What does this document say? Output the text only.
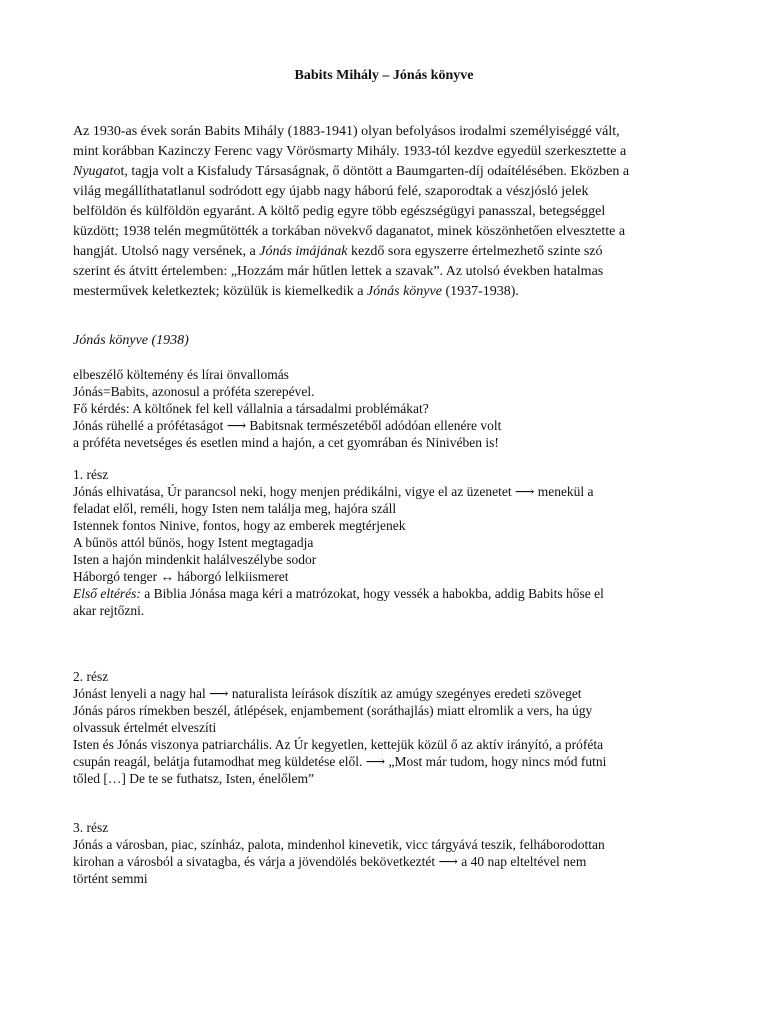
Babits Mihály – Jónás könyve
Az 1930-as évek során Babits Mihály (1883-1941) olyan befolyásos irodalmi személyiséggé vált,
mint korábban Kazinczy Ferenc vagy Vörösmarty Mihály. 1933-tól kezdve egyedül szerkesztette a
Nyugatot, tagja volt a Kisfaludy Társaságnak, ő döntött a Baumgarten-díj odaítélésében. Eközben a
világ megállíthatatlanul sodródott egy újabb nagy háború felé, szaporodtak a vészjósló jelek
belföldön és külföldön egyaránt. A költő pedig egyre több egészségügyi panasszal, betegséggel
küzdött; 1938 telén megműtötték a torkában növekvő daganatot, minek köszönhetően elvesztette a
hangját. Utolsó nagy versének, a Jónás imájának kezdő sora egyszerre értelmezhető szinte szó
szerint és átvitt értelemben: „Hozzám már hűtlen lettek a szavak”. Az utolsó években hatalmas
mesterművek keletkeztek; közülük is kiemelkedik a Jónás könyve (1937-1938).
Jónás könyve (1938)
elbeszélő költemény és lírai önvallomás
Jónás=Babits, azonosul a próféta szerepével.
Fő kérdés: A költőnek fel kell vállalnia a társadalmi problémákat?
Jónás rühellé a prófétaságot ⟶ Babitsnak természetéből adódóan ellenére volt
a próféta nevetséges és esetlen mind a hajón, a cet gyomrában és Ninivében is!
1. rész
Jónás elhivatása, Úr parancsol neki, hogy menjen prédikálni, vigye el az üzenetet ⟶ menekül a
feladat elől, reméli, hogy Isten nem találja meg, hajóra száll
Istennek fontos Ninive, fontos, hogy az emberek megtérjenek
A bűnös attól bűnös, hogy Istent megtagadja
Isten a hajón mindenkit halálveszélybe sodor
Háborgó tenger ↔ háborgó lelkiismeret
Első eltérés: a Biblia Jónása maga kéri a matrózokat, hogy vessék a habokba, addig Babits hőse el
akar rejtőzni.
2. rész
Jónást lenyeli a nagy hal ⟶ naturalista leírások díszítik az amúgy szegényes eredeti szöveget
Jónás páros rímekben beszél, átlépések, enjambement (soráthajlás) miatt elromlik a vers, ha úgy
olvassuk értelmét elveszíti
Isten és Jónás viszonya patriarchális. Az Úr kegyetlen, kettejük közül ő az aktív irányító, a próféta
csupán reagál, belátja futamodhat meg küldetése elől. ⟶ „Most már tudom, hogy nincs mód futni
tőled […] De te se futhatsz, Isten, énelőlem”
3. rész
Jónás a városban, piac, színház, palota, mindenhol kinevetik, vicc tárgyává teszik, felháborodottan
kirohan a városból a sivatagba, és várja a jövendölés bekövetkeztét ⟶ a 40 nap elteltével nem
történt semmi
